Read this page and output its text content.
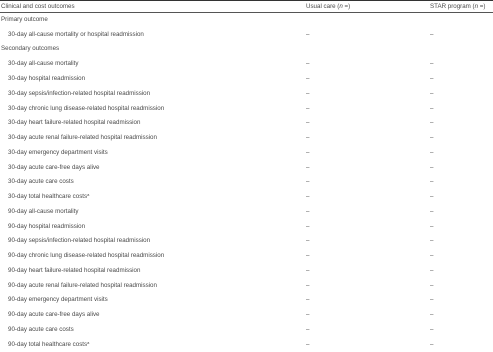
Clinical and cost outcomes	Usual care (n =)	STAR program (n =)
Primary outcome
30-day all-cause mortality or hospital readmission	–	–
Secondary outcomes
30-day all-cause mortality	–	–
30-day hospital readmission	–	–
30-day sepsis/infection-related hospital readmission	–	–
30-day chronic lung disease-related hospital readmission	–	–
30-day heart failure-related hospital readmission	–	–
30-day acute renal failure-related hospital readmission	–	–
30-day emergency department visits	–	–
30-day acute care-free days alive	–	–
30-day acute care costs	–	–
30-day total healthcare costs$^a$	–	–
90-day all-cause mortality	–	–
90-day hospital readmission	–	–
90-day sepsis/infection-related hospital readmission	–	–
90-day chronic lung disease-related hospital readmission	–	–
90-day heart failure-related hospital readmission	–	–
90-day acute renal failure-related hospital readmission	–	–
90-day emergency department visits	–	–
90-day acute care-free days alive	–	–
90-day acute care costs	–	–
90-day total healthcare costs$^a$	–	–
